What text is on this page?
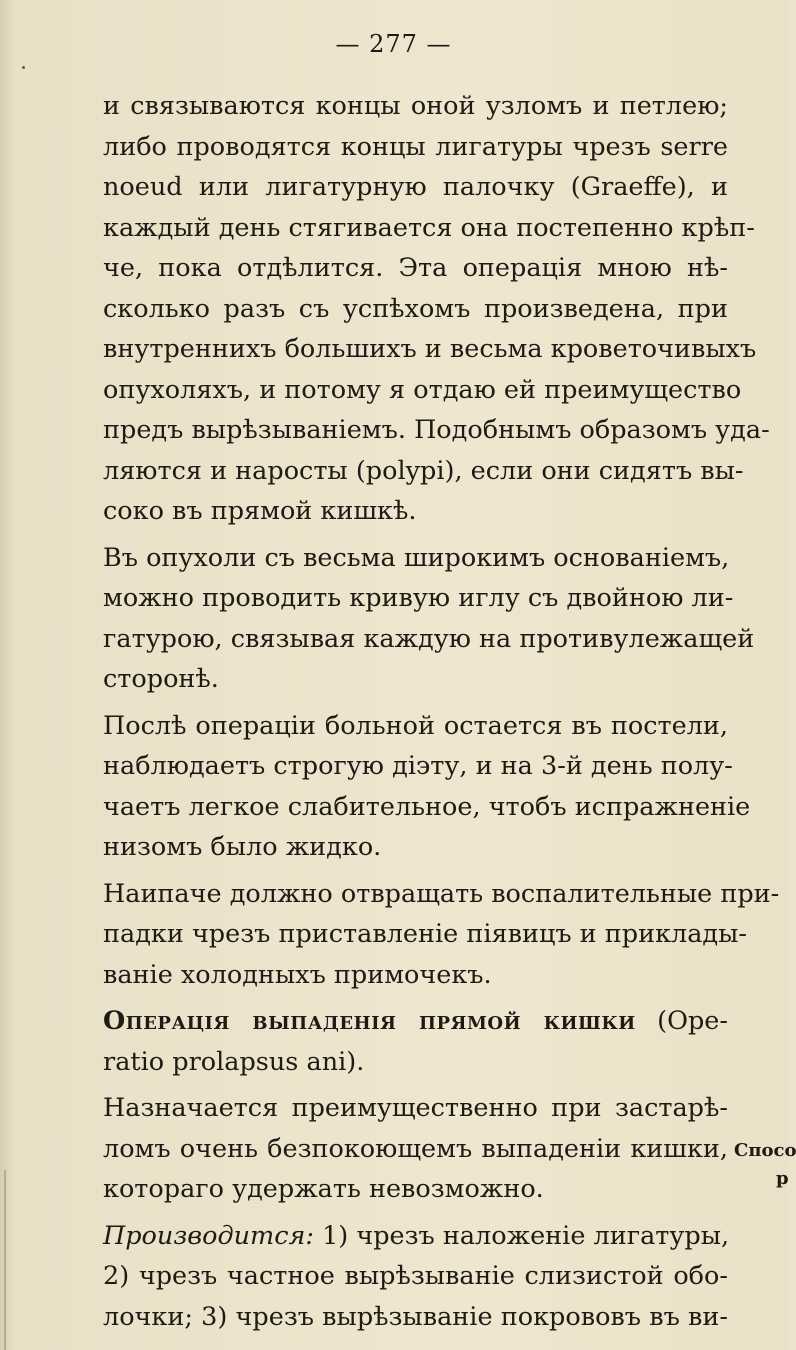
— 277 —
и связываются концы оной узломъ и петлею;
либо проводятся концы лигатуры чрезъ serre
noeud или лигатурную палочку (Graeffe), и
каждый день стягивается она постепенно крѣп-
че, пока отдѣлится. Эта операція мною нѣ-
сколько разъ съ успѣхомъ произведена, при
внутреннихъ большихъ и весьма кроветочивыхъ
опухоляхъ, и потому я отдаю ей преимущество
предъ вырѣзываніемъ. Подобнымъ образомъ уда-
ляются и наросты (polypi), если они сидятъ вы-
соко въ прямой кишкѣ.
Въ опухоли съ весьма широкимъ основаніемъ,
можно проводить кривую иглу съ двойною ли-
гатурою, связывая каждую на противулежащей
сторонѣ.
Послѣ операціи больной остается въ постели,
наблюдаетъ строгую діэту, и на 3-й день полу-
чаетъ легкое слабительное, чтобъ испражненіе
низомъ было жидко.
Наипаче должно отвращать воспалительные при-
падки чрезъ приставленіе піявицъ и приклады-
ваніе холодныхъ примочекъ.
Операція выпаденія прямой кишки (Ope-
ratio prolapsus ani).
Назначается преимущественно при застарѣ-
ломъ очень безпокоющемъ выпаденіи кишки,
котораго удержать невозможно.
Производится: 1) чрезъ наложеніе лигатуры,
2) чрезъ частное вырѣзываніе слизистой обо-
лочки; 3) чрезъ вырѣзываніе покрововъ въ ви-
Спосо
р
